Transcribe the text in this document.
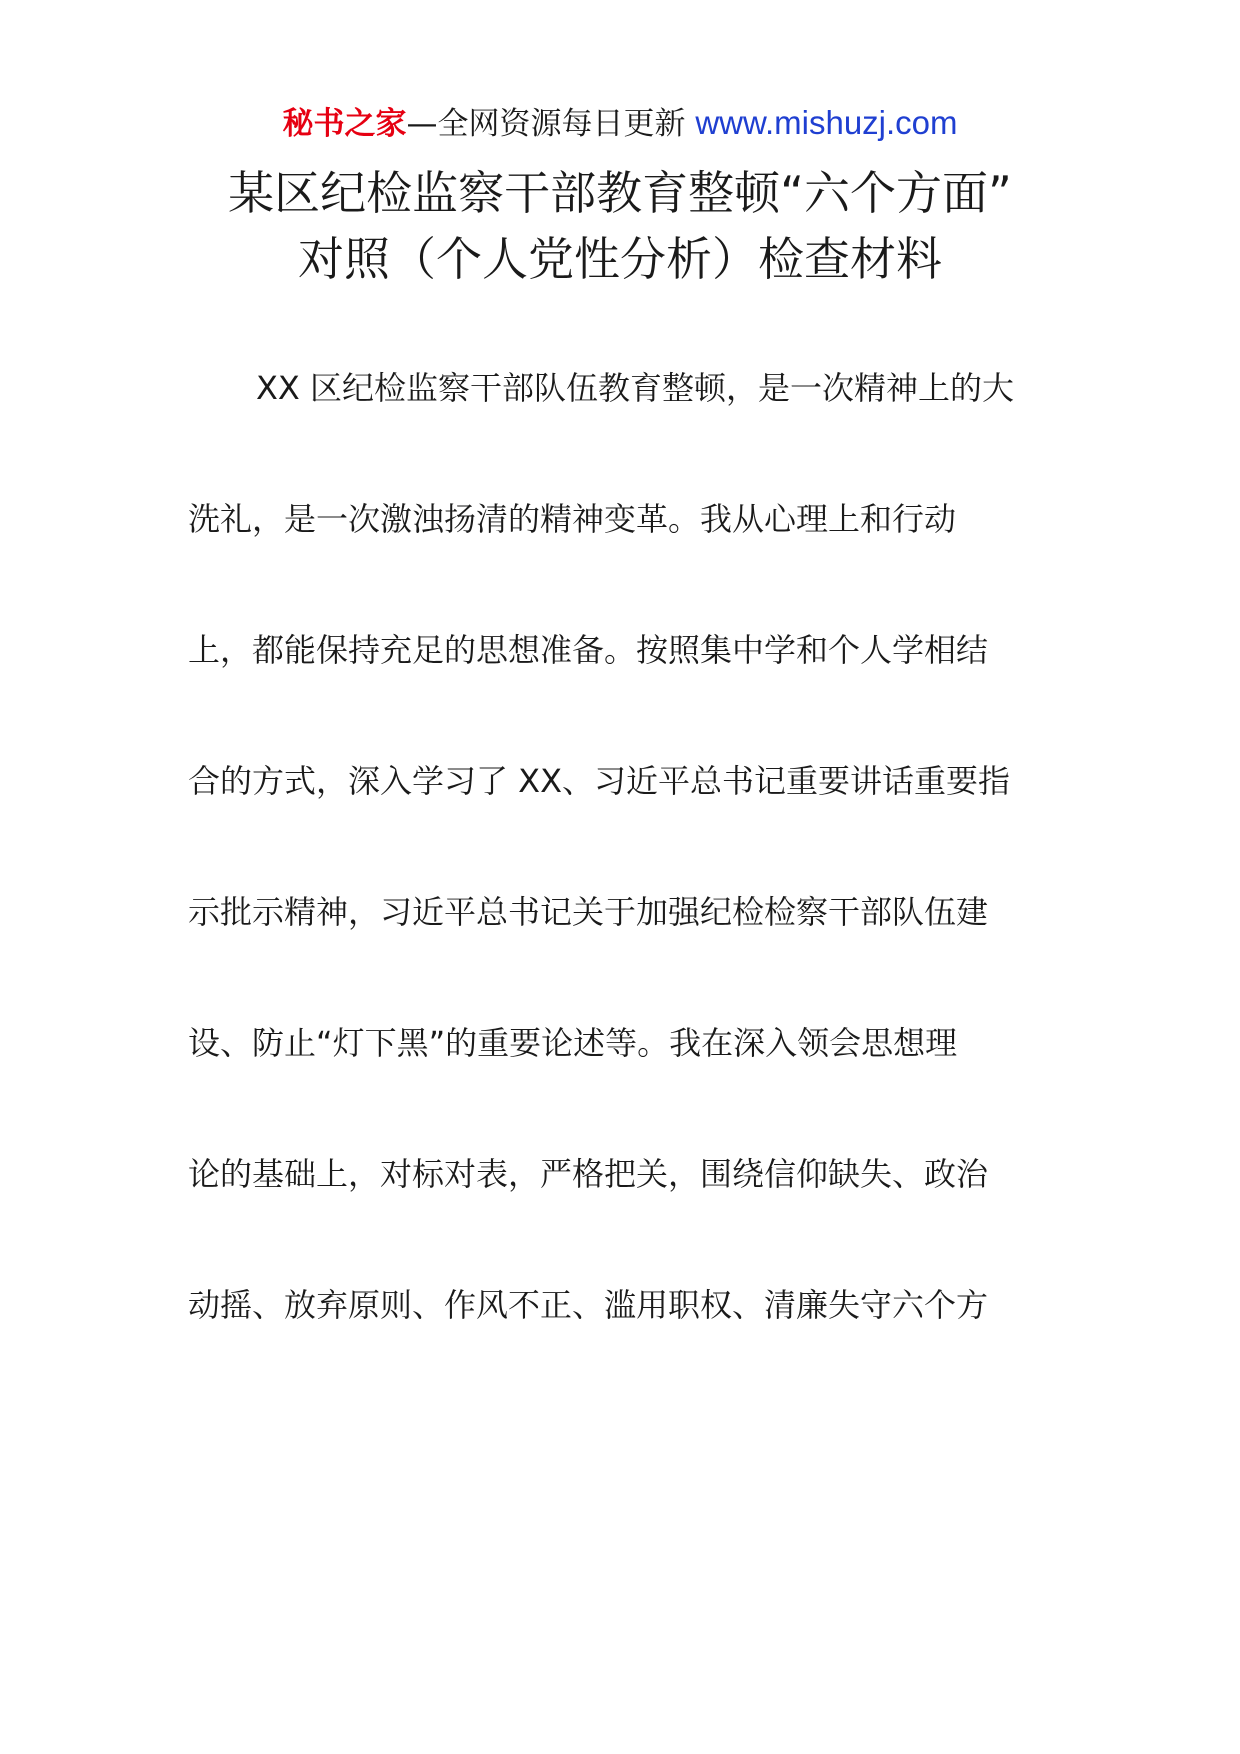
秘书之家—全网资源每日更新 www.mishuzj.com
某区纪检监察干部教育整顿“六个方面”
对照（个人党性分析）检查材料
XX 区纪检监察干部队伍教育整顿，是一次精神上的大
洗礼，是一次激浊扬清的精神变革。我从心理上和行动
上，都能保持充足的思想准备。按照集中学和个人学相结
合的方式，深入学习了 XX、习近平总书记重要讲话重要指
示批示精神，习近平总书记关于加强纪检检察干部队伍建
设、防止“灯下黑”的重要论述等。我在深入领会思想理
论的基础上，对标对表，严格把关，围绕信仰缺失、政治
动摇、放弃原则、作风不正、滥用职权、清廉失守六个方
